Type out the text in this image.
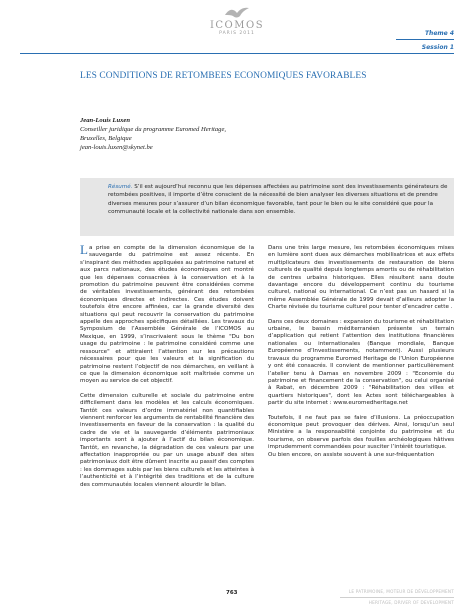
ICOMOS
PARIS 2011	Theme 4
Session 1
LES CONDITIONS DE RETOMBEES ECONOMIQUES FAVORABLES
Jean-Louis Luxen
Conseiller juridique du programme Euromed Heritage,
Bruxelles, Belgique
jean-louis.luxen@skynet.be
Résumé. S’il est aujourd’hui reconnu que les dépenses affectées au patrimoine sont des investissements générateurs de retombées positives, il importe d’être conscient de la nécessité de bien analyser les diverses situations et de prendre diverses mesures pour s’assurer d’un bilan économique favorable, tant pour le bien ou le site considéré que pour la communauté locale et la collectivité nationale dans son ensemble.

La prise en compte de la dimension économique de la sauvegarde du patrimoine est assez récente. En s’inspirant des méthodes appliquées au patrimoine naturel et aux parcs nationaux, des études économiques ont montré que les dépenses consacrées à la conservation et à la promotion du patrimoine peuvent être considérées comme de véritables investissements, générant des retombées économiques directes et indirectes. Ces études doivent toutefois être encore affinées, car la grande diversité des situations qui peut recouvrir la conservation du patrimoine appelle des approches spécifiques détaillées. Les travaux du Symposium de l’Assemblée Générale de l’ICOMOS au Mexique, en 1999, s’inscrivaient sous le thème "Du bon usage du patrimoine : le patrimoine considéré comme une ressource" et attiraient l’attention sur les précautions nécessaires pour que les valeurs et la signification du patrimoine restent l’objectif de nos démarches, en veillant à ce que la dimension économique soit maîtrisée comme un moyen au service de cet objectif.

Cette dimension culturelle et sociale du patrimoine entre difficilement dans les modèles et les calculs économiques. Tantôt ces valeurs d’ordre immatériel non quantifiables viennent renforcer les arguments de rentabilité financière des investissements en faveur de la conservation : la qualité du cadre de vie et la sauvegarde d’éléments patrimoniaux importants sont à ajouter à l’actif du bilan économique. Tantôt, en revanche, la dégradation de ces valeurs par une affectation inappropriée ou par un usage abusif des sites patrimoniaux doit être dûment inscrite au passif des comptes : les dommages subis par les biens culturels et les atteintes à l’authenticité et à l’intégrité des traditions et de la culture des communautés locales viennent alourdir le bilan.

Dans une très large mesure, les retombées économiques mises en lumière sont dues aux démarches mobilisatrices et aux effets multiplicateurs des investissements de restauration de biens culturels de qualité depuis longtemps amortis ou de réhabilitation de centres urbains historiques. Elles résultent sans doute davantage encore du développement continu du tourisme culturel, national ou international. Ce n’est pas un hasard si la même Assemblée Générale de 1999 devait d’ailleurs adopter la Charte révisée du tourisme culturel pour tenter d’encadrer cette .

Dans ces deux domaines : expansion du tourisme et réhabilitation urbaine, le bassin méditerranéen présente un terrain d’application qui retient l’attention des institutions financières nationales ou internationales (Banque mondiale, Banque Européenne d’Investissements, notamment). Aussi plusieurs travaux du programme Euromed Heritage de l’Union Européenne y ont été consacrés. Il convient de mentionner particulièrement l’atelier tenu à Damas en novembre 2009 : "Economie du patrimoine et financement de la conservation", ou celui organisé à Rabat, en décembre 2009 : "Réhabilitation des villes et quartiers historiques", dont les Actes sont téléchargeables à partir du site internet : www.euromedheritage.net

Toutefois, il ne faut pas se faire d’illusions. La préoccupation économique peut provoquer des dérives. Ainsi, lorsqu’un seul Ministère a la responsabilité conjointe du patrimoine et du tourisme, on observe parfois des fouilles archéologiques hâtives imprudemment commandées pour susciter l’intérêt touristique.

Ou bien encore, on assiste souvent à une sur-fréquentation

763	LE PATRIMOINE, MOTEUR DE DÉVELOPPEMENT
HERITAGE, DRIVER OF DEVELOPMENT
